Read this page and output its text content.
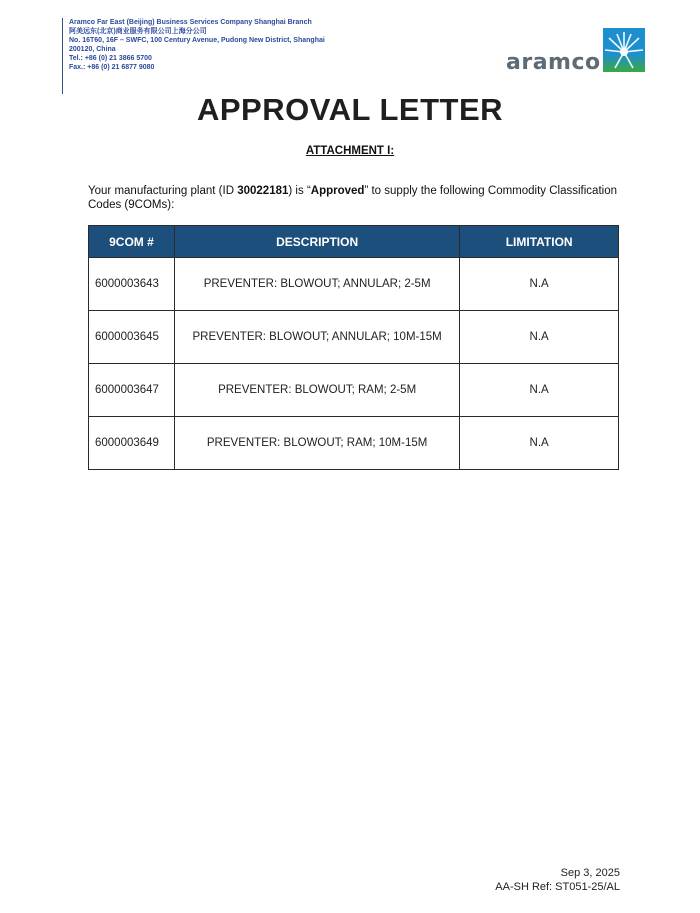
Aramco Far East (Beijing) Business Services Company Shanghai Branch
阿美远东(北京)商业服务有限公司上海分公司
No. 16T60, 16F – SWFC, 100 Century Avenue, Pudong New District, Shanghai
200120, China
Tel.: +86 (0) 21 3866 5700
Fax.: +86 (0) 21 6877 9080	aramco
APPROVAL LETTER
ATTACHMENT I:
Your manufacturing plant (ID 30022181) is “Approved” to supply the following Commodity Classification Codes (9COMs):
9COM #	DESCRIPTION	LIMITATION
6000003643	PREVENTER: BLOWOUT; ANNULAR; 2-5M	N.A
6000003645	PREVENTER: BLOWOUT; ANNULAR; 10M-15M	N.A
6000003647	PREVENTER: BLOWOUT; RAM; 2-5M	N.A
6000003649	PREVENTER: BLOWOUT; RAM; 10M-15M	N.A
Sep 3, 2025
AA-SH Ref: ST051-25/AL
